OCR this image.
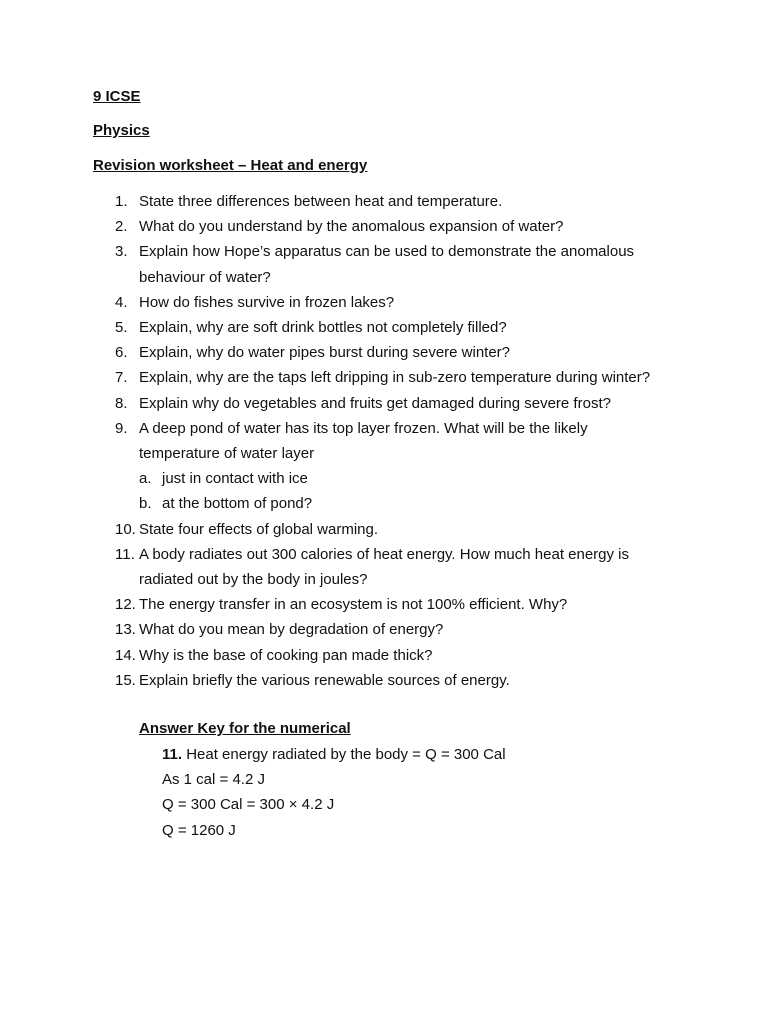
9 ICSE
Physics
Revision worksheet – Heat and energy
1. State three differences between heat and temperature.
2. What do you understand by the anomalous expansion of water?
3. Explain how Hope’s apparatus can be used to demonstrate the anomalous
behaviour of water?
4. How do fishes survive in frozen lakes?
5. Explain, why are soft drink bottles not completely filled?
6. Explain, why do water pipes burst during severe winter?
7. Explain, why are the taps left dripping in sub-zero temperature during winter?
8. Explain why do vegetables and fruits get damaged during severe frost?
9. A deep pond of water has its top layer frozen. What will be the likely
temperature of water layer
a. just in contact with ice
b. at the bottom of pond?
10. State four effects of global warming.
11. A body radiates out 300 calories of heat energy. How much heat energy is
radiated out by the body in joules?
12. The energy transfer in an ecosystem is not 100% efficient. Why?
13. What do you mean by degradation of energy?
14. Why is the base of cooking pan made thick?
15. Explain briefly the various renewable sources of energy.
Answer Key for the numerical
11. Heat energy radiated by the body = Q = 300 Cal
As 1 cal = 4.2 J
Q = 300 Cal = 300 × 4.2 J
Q = 1260 J
